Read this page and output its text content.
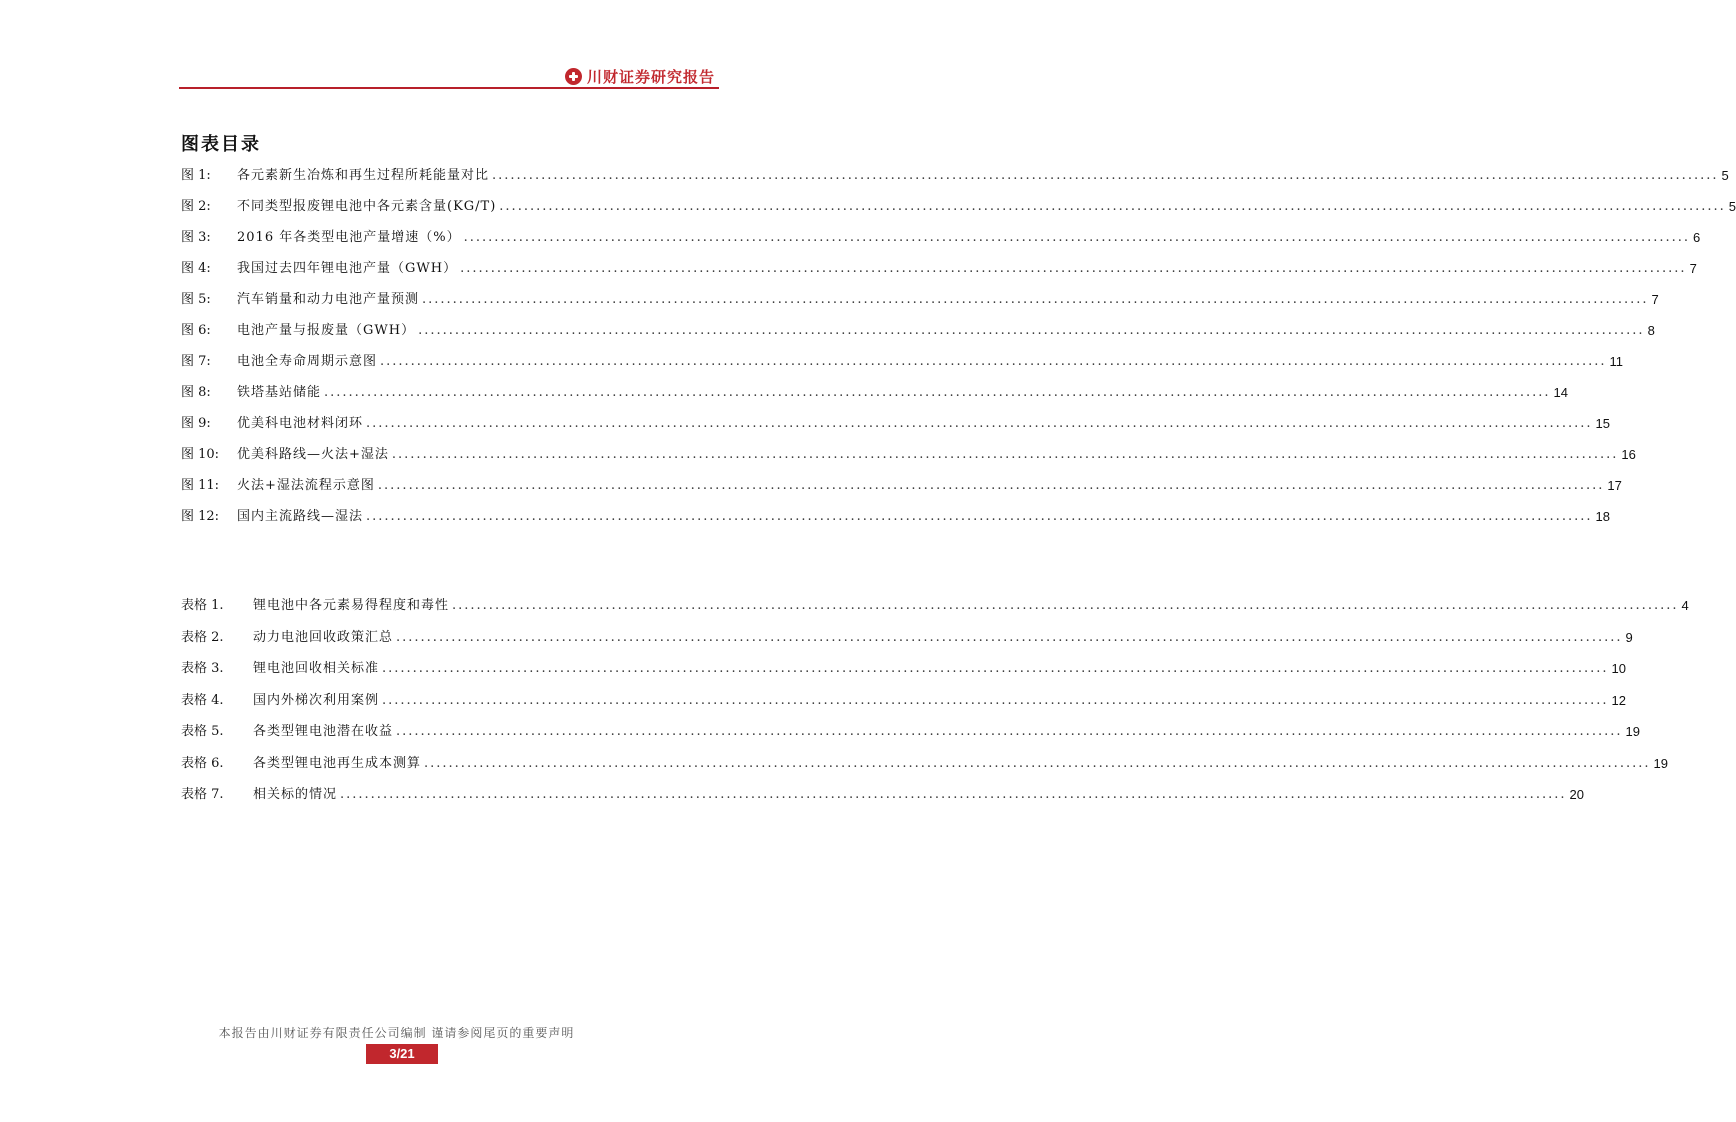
川财证券研究报告
图表目录
图 1:	各元素新生冶炼和再生过程所耗能量对比 ........................................................................................................................................................................................................ 5
图 2:	不同类型报废锂电池中各元素含量(KG/T) ........................................................................................................................................................................................................ 5
图 3:	2016 年各类型电池产量增速（%） ........................................................................................................................................................................................................ 6
图 4:	我国过去四年锂电池产量（GWH） ........................................................................................................................................................................................................ 7
图 5:	汽车销量和动力电池产量预测 ........................................................................................................................................................................................................ 7
图 6:	电池产量与报废量（GWH） ........................................................................................................................................................................................................ 8
图 7:	电池全寿命周期示意图 ........................................................................................................................................................................................................ 11
图 8:	铁塔基站储能 ........................................................................................................................................................................................................ 14
图 9:	优美科电池材料闭环 ........................................................................................................................................................................................................ 15
图 10:	优美科路线—火法+湿法 ........................................................................................................................................................................................................ 16
图 11:	火法+湿法流程示意图 ........................................................................................................................................................................................................ 17
图 12:	国内主流路线—湿法 ........................................................................................................................................................................................................ 18
表格 1.	锂电池中各元素易得程度和毒性 ........................................................................................................................................................................................................ 4
表格 2.	动力电池回收政策汇总 ........................................................................................................................................................................................................ 9
表格 3.	锂电池回收相关标准 ........................................................................................................................................................................................................ 10
表格 4.	国内外梯次利用案例 ........................................................................................................................................................................................................ 12
表格 5.	各类型锂电池潜在收益 ........................................................................................................................................................................................................ 19
表格 6.	各类型锂电池再生成本测算 ........................................................................................................................................................................................................ 19
表格 7.	相关标的情况 ........................................................................................................................................................................................................ 20
本报告由川财证券有限责任公司编制 谨请参阅尾页的重要声明
3/21
